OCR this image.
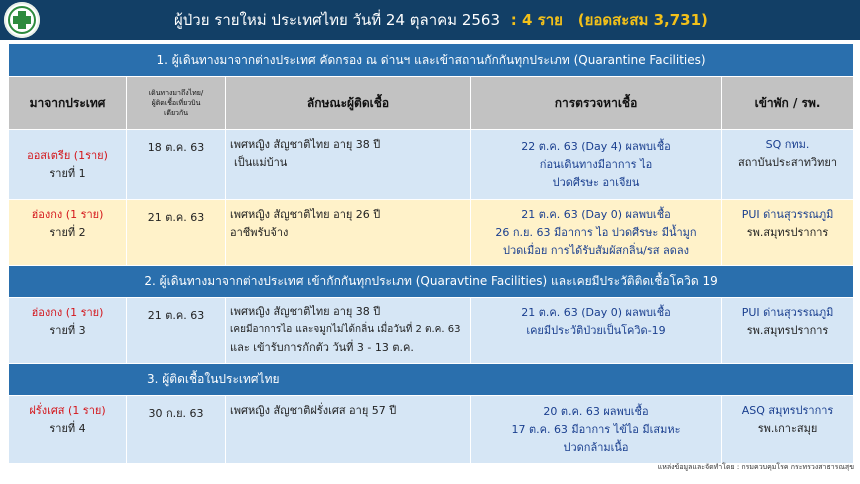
ผู้ป่วย รายใหม่ ประเทศไทย วันที่ 24 ตุลาคม 2563 : 4 ราย (ยอดสะสม 3,731)
1. ผู้เดินทางมาจากต่างประเทศ คัดกรอง ณ ด่านฯ และเข้าสถานกักกันทุกประเภท (Quarantine Facilities)				
มาจากประเทศ	เดินทางมาถึงไทย/
ผู้ติดเชื้อเที่ยวบิน
เดียวกัน	ลักษณะผู้ติดเชื้อ	การตรวจหาเชื้อ	เข้าพัก / รพ.

ออสเตรีย (1ราย)
รายที่ 1	18 ต.ค. 63	เพศหญิง สัญชาติไทย อายุ 38 ปี
เป็นแม่บ้าน	22 ต.ค. 63 (Day 4) ผลพบเชื้อ
ก่อนเดินทางมีอาการ ไอ
ปวดศีรษะ อาเจียน	SQ กทม.
สถาบันประสาทวิทยา

ฮ่องกง (1 ราย)
รายที่ 2	21 ต.ค. 63	เพศหญิง สัญชาติไทย อายุ 26 ปี
อาชีพรับจ้าง	21 ต.ค. 63 (Day 0) ผลพบเชื้อ
26 ก.ย. 63 มีอาการ ไอ ปวดศีรษะ มีน้ำมูก
ปวดเมื่อย การได้รับสัมผัสกลิ่น/รส ลดลง	PUI ด่านสุวรรณภูมิ
รพ.สมุทรปราการ

2. ผู้เดินทางมาจากต่างประเทศ เข้ากักกันทุกประเภท (Quaravtine Facilities) และเคยมีประวัติติดเชื้อโควิด 19				

ฮ่องกง (1 ราย)
รายที่ 3	21 ต.ค. 63	เพศหญิง สัญชาติไทย อายุ 38 ปี
เคยมีอาการไอ และจมูกไม่ได้กลิ่น เมื่อวันที่ 2 ต.ค. 63
และ เข้ารับการกักตัว วันที่ 3 - 13 ต.ค.	21 ต.ค. 63 (Day 0) ผลพบเชื้อ
เคยมีประวัติป่วยเป็นโควิด-19	PUI ด่านสุวรรณภูมิ
รพ.สมุทรปราการ

3. ผู้ติดเชื้อในประเทศไทย				

ฝรั่งเศส (1 ราย)
รายที่ 4	30 ก.ย. 63	เพศหญิง สัญชาติฝรั่งเศส อายุ 57 ปี	20 ต.ค. 63 ผลพบเชื้อ
17 ต.ค. 63 มีอาการ ไข้ไอ มีเสมหะ
ปวดกล้ามเนื้อ	ASQ สมุทรปราการ
รพ.เกาะสมุย
แหล่งข้อมูลและจัดทำโดย : กรมควบคุมโรค กระทรวงสาธารณสุข
